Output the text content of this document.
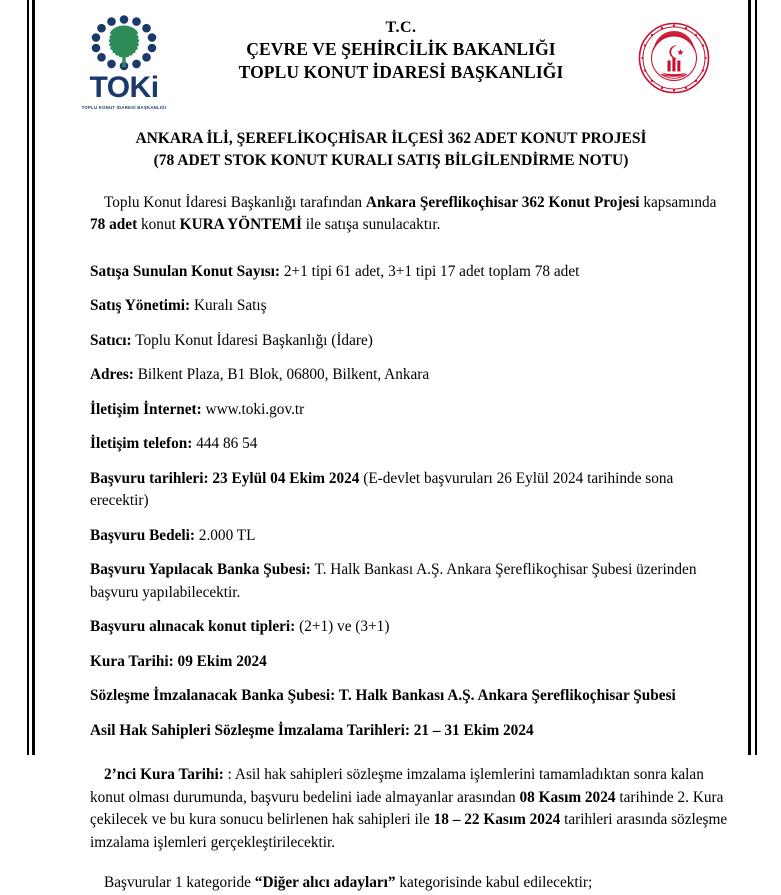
TOKi
TOPLU KONUT İDARESİ BAŞKANLIĞI
T.C.
ÇEVRE VE ŞEHİRCİLİK BAKANLIĞI
TOPLU KONUT İDARESİ BAŞKANLIĞI
ANKARA İLİ, ŞEREFLİKOÇHİSAR İLÇESİ 362 ADET KONUT PROJESİ
(78 ADET STOK KONUT KURALI SATIŞ BİLGİLENDİRME NOTU)

Toplu Konut İdaresi Başkanlığı tarafından Ankara Şereflikoçhisar 362 Konut Projesi kapsamında 78 adet konut KURA YÖNTEMİ ile satışa sunulacaktır.

Satışa Sunulan Konut Sayısı: 2+1 tipi 61 adet, 3+1 tipi 17 adet toplam 78 adet

Satış Yönetimi: Kuralı Satış

Satıcı: Toplu Konut İdaresi Başkanlığı (İdare)

Adres: Bilkent Plaza, B1 Blok, 06800, Bilkent, Ankara

İletişim İnternet: www.toki.gov.tr

İletişim telefon: 444 86 54

Başvuru tarihleri: 23 Eylül 04 Ekim 2024 (E-devlet başvuruları 26 Eylül 2024 tarihinde sona erecektir)

Başvuru Bedeli: 2.000 TL

Başvuru Yapılacak Banka Şubesi: T. Halk Bankası A.Ş. Ankara Şereflikoçhisar Şubesi üzerinden başvuru yapılabilecektir.

Başvuru alınacak konut tipleri: (2+1) ve (3+1)

Kura Tarihi: 09 Ekim 2024

Sözleşme İmzalanacak Banka Şubesi: T. Halk Bankası A.Ş. Ankara Şereflikoçhisar Şubesi

Asil Hak Sahipleri Sözleşme İmzalama Tarihleri: 21 – 31 Ekim 2024

2’nci Kura Tarihi: : Asil hak sahipleri sözleşme imzalama işlemlerini tamamladıktan sonra kalan konut olması durumunda, başvuru bedelini iade almayanlar arasından 08 Kasım 2024 tarihinde 2. Kura çekilecek ve bu kura sonucu belirlenen hak sahipleri ile 18 – 22 Kasım 2024 tarihleri arasında sözleşme imzalama işlemleri gerçekleştirilecektir.

Başvurular 1 kategoride “Diğer alıcı adayları” kategorisinde kabul edilecektir;
